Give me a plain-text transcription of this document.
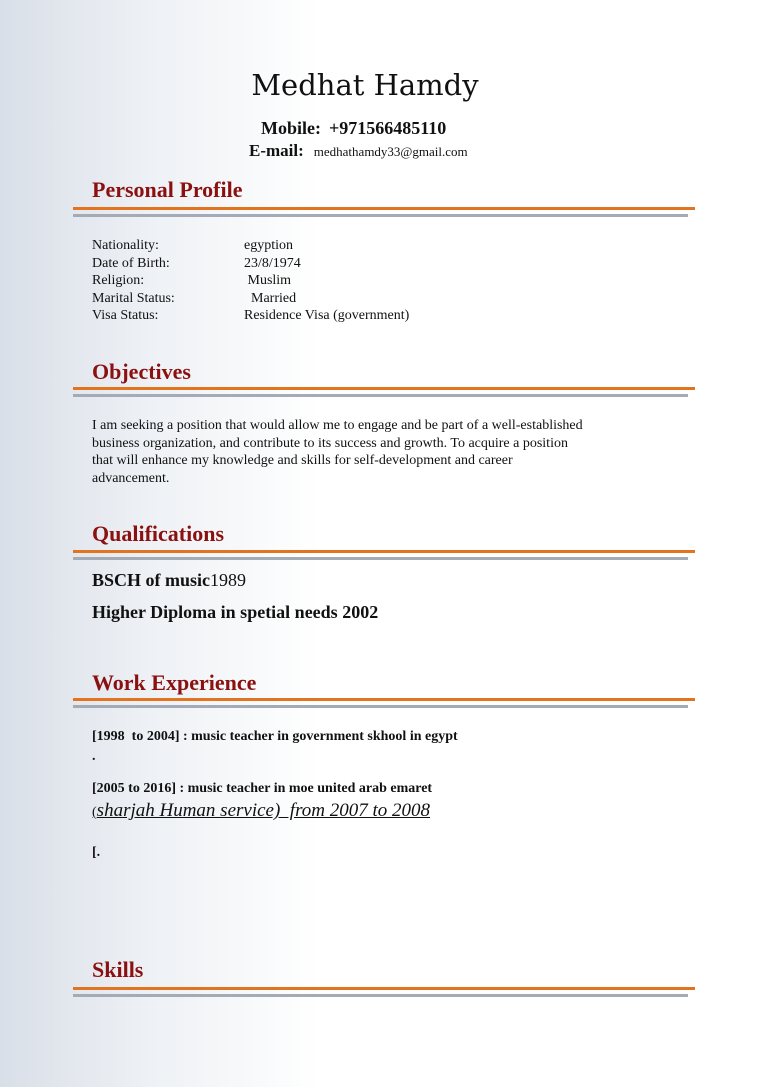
Medhat Hamdy
Mobile: +971566485110
E-mail: medhathamdy33@gmail.com
Personal Profile
Nationality:	egyption
Date of Birth:	23/8/1974
Religion:	Muslim
Marital Status:	Married
Visa Status:	Residence Visa (government)
Objectives
I am seeking a position that would allow me to engage and be part of a well-established
business organization, and contribute to its success and growth. To acquire a position
that will enhance my knowledge and skills for self-development and career
advancement.
Qualifications
BSCH of music1989
Higher Diploma in spetial needs 2002
Work Experience
[1998  to 2004] : music teacher in government skhool in egypt
.
[2005 to 2016] : music teacher in moe united arab emaret
(sharjah Human service)  from 2007 to 2008
[.
Skills
